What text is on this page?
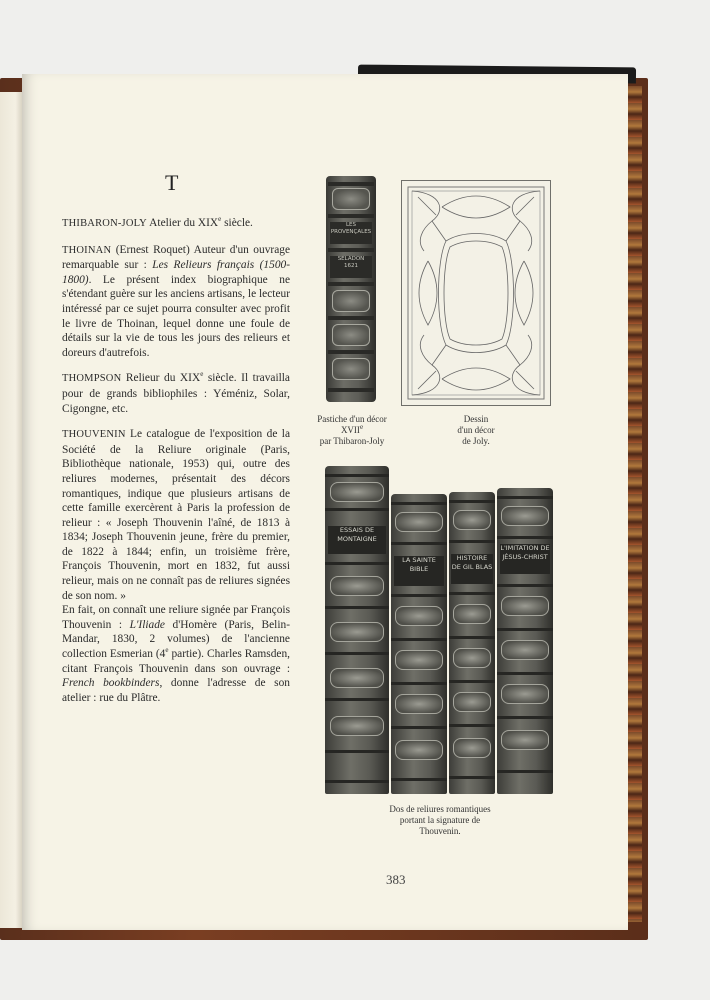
T

THIBARON-JOLY Atelier du XIXe siècle.

THOINAN (Ernest Roquet) Auteur d'un ouvrage remarquable sur : Les Relieurs français (1500-1800). Le présent index biographique ne s'étendant guère sur les anciens artisans, le lecteur intéressé par ce sujet pourra consulter avec profit le livre de Thoinan, lequel donne une foule de détails sur la vie de tous les jours des relieurs et doreurs d'autrefois.

THOMPSON Relieur du XIXe siècle. Il travailla pour de grands bibliophiles : Yéméniz, Solar, Cigongne, etc.

THOUVENIN Le catalogue de l'exposition de la Société de la Reliure originale (Paris, Bibliothèque nationale, 1953) qui, outre des reliures modernes, présentait des décors romantiques, indique que plusieurs artisans de cette famille exercèrent à Paris la profession de relieur : « Joseph Thouvenin l'aîné, de 1813 à 1834; Joseph Thouvenin jeune, frère du premier, de 1822 à 1844; enfin, un troisième frère, François Thouvenin, mort en 1832, fut aussi relieur, mais on ne connaît pas de reliures signées de son nom. »

En fait, on connaît une reliure signée par François Thouvenin : L'Iliade d'Homère (Paris, Belin-Mandar, 1830, 2 volumes) de l'ancienne collection Esmerian (4e partie). Charles Ramsden, citant François Thouvenin dans son ouvrage : French bookbinders, donne l'adresse de son atelier : rue du Plâtre.

LES PROVENÇALES
SELADON 1621
Pastiche d'un décor
XVIIe
par Thibaron-Joly
Dessin
d'un décor
de Joly.
ESSAIS DE MONTAIGNE
LA SAINTE BIBLE
HISTOIRE DE GIL BLAS
L'IMITATION DE JÉSUS-CHRIST
Dos de reliures romantiques
portant la signature de
Thouvenin.
383
